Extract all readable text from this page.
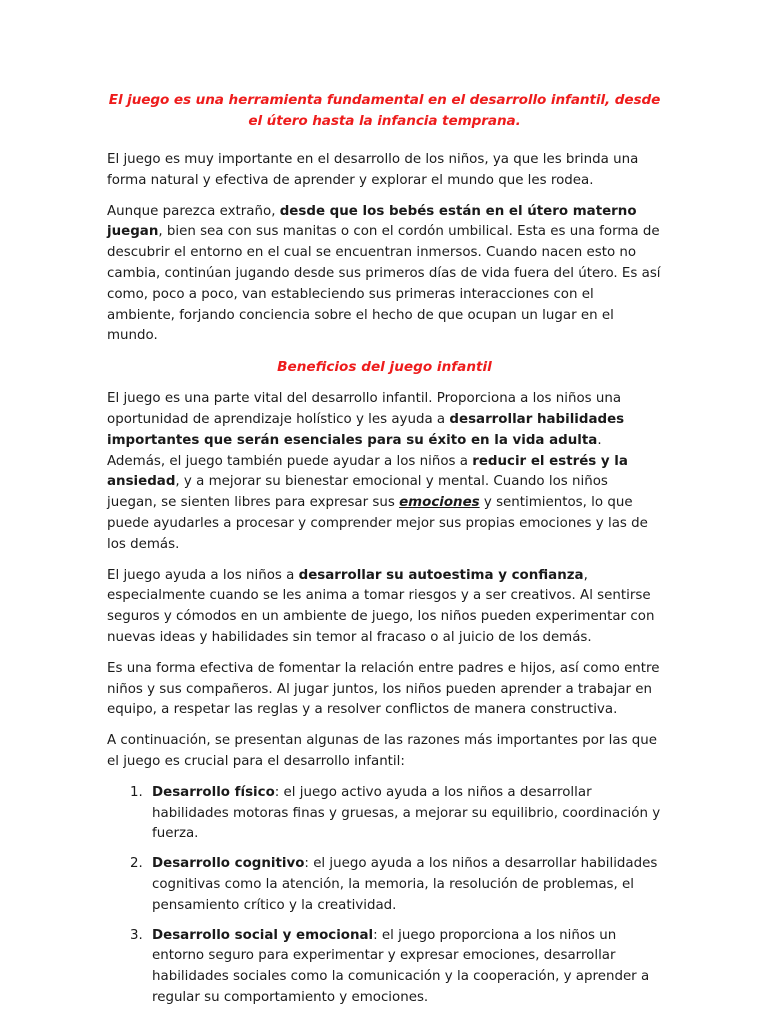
El juego es una herramienta fundamental en el desarrollo infantil, desde el útero hasta la infancia temprana.

El juego es muy importante en el desarrollo de los niños, ya que les brinda una forma natural y efectiva de aprender y explorar el mundo que les rodea.

Aunque parezca extraño, desde que los bebés están en el útero materno juegan, bien sea con sus manitas o con el cordón umbilical. Esta es una forma de descubrir el entorno en el cual se encuentran inmersos. Cuando nacen esto no cambia, continúan jugando desde sus primeros días de vida fuera del útero. Es así como, poco a poco, van estableciendo sus primeras interacciones con el ambiente, forjando conciencia sobre el hecho de que ocupan un lugar en el mundo.

Beneficios del juego infantil

El juego es una parte vital del desarrollo infantil. Proporciona a los niños una oportunidad de aprendizaje holístico y les ayuda a desarrollar habilidades importantes que serán esenciales para su éxito en la vida adulta. Además, el juego también puede ayudar a los niños a reducir el estrés y la ansiedad, y a mejorar su bienestar emocional y mental. Cuando los niños juegan, se sienten libres para expresar sus emociones y sentimientos, lo que puede ayudarles a procesar y comprender mejor sus propias emociones y las de los demás.

El juego ayuda a los niños a desarrollar su autoestima y confianza, especialmente cuando se les anima a tomar riesgos y a ser creativos. Al sentirse seguros y cómodos en un ambiente de juego, los niños pueden experimentar con nuevas ideas y habilidades sin temor al fracaso o al juicio de los demás.

Es una forma efectiva de fomentar la relación entre padres e hijos, así como entre niños y sus compañeros. Al jugar juntos, los niños pueden aprender a trabajar en equipo, a respetar las reglas y a resolver conflictos de manera constructiva.

A continuación, se presentan algunas de las razones más importantes por las que el juego es crucial para el desarrollo infantil:

1. Desarrollo físico: el juego activo ayuda a los niños a desarrollar habilidades motoras finas y gruesas, a mejorar su equilibrio, coordinación y fuerza.
2. Desarrollo cognitivo: el juego ayuda a los niños a desarrollar habilidades cognitivas como la atención, la memoria, la resolución de problemas, el pensamiento crítico y la creatividad.
3. Desarrollo social y emocional: el juego proporciona a los niños un entorno seguro para experimentar y expresar emociones, desarrollar habilidades sociales como la comunicación y la cooperación, y aprender a regular su comportamiento y emociones.
